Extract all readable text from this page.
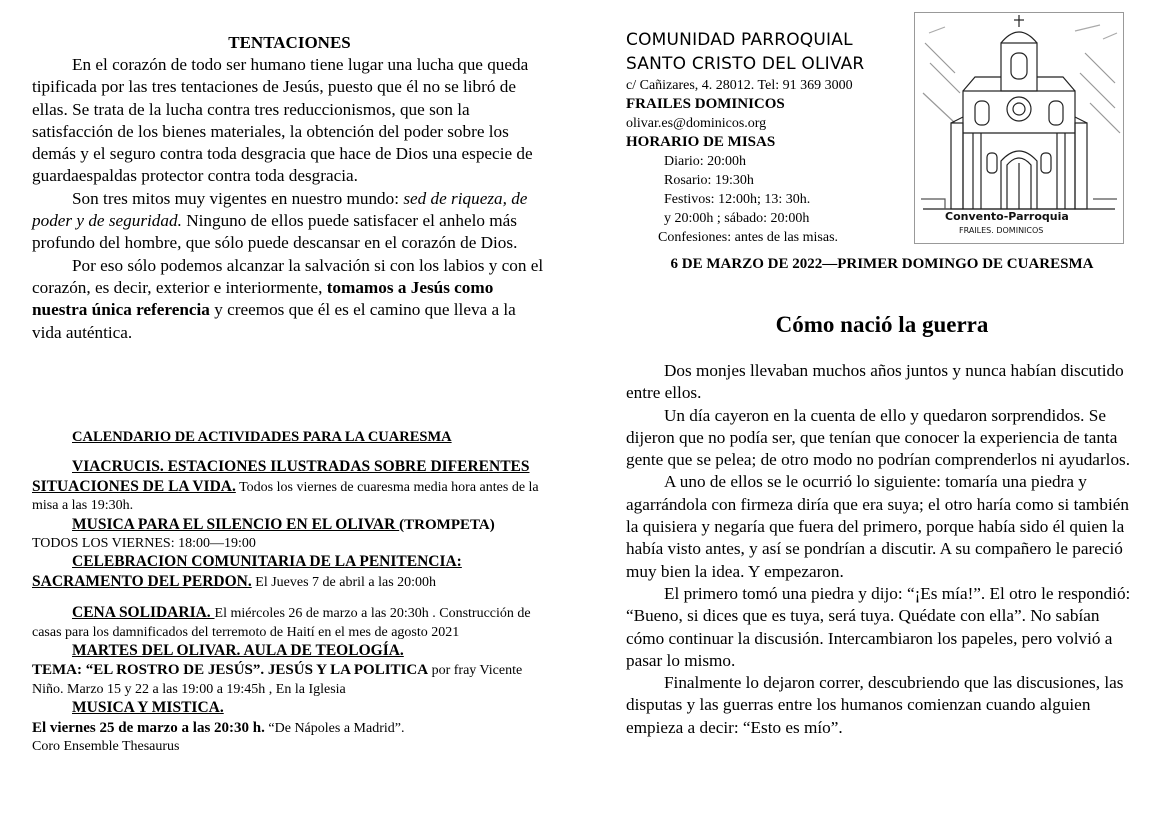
TENTACIONES

En el corazón de todo ser humano tiene lugar una lucha que queda tipificada por las tres tentaciones de Jesús, puesto que él no se libró de ellas. Se trata de la lucha contra tres reduccionismos, que son la satisfacción de los bienes materiales, la obtención del poder sobre los demás y el seguro contra toda desgracia que hace de Dios una especie de guardaespaldas protector contra toda desgracia.

Son tres mitos muy vigentes en nuestro mundo: sed de riqueza, de poder y de seguridad. Ninguno de ellos puede satisfacer el anhelo más profundo del hombre, que sólo puede descansar en el corazón de Dios.

Por eso sólo podemos alcanzar la salvación si con los labios y con el corazón, es decir, exterior e interiormente, tomamos a Jesús como nuestra única referencia y creemos que él es el camino que lleva a la vida auténtica.

CALENDARIO DE ACTIVIDADES PARA LA CUARESMA

VIACRUCIS. ESTACIONES ILUSTRADAS SOBRE DIFERENTES SITUACIONES DE LA VIDA. Todos los viernes de cuaresma media hora antes de la misa a las 19:30h.

MUSICA PARA EL SILENCIO EN EL OLIVAR (TROMPETA)

TODOS LOS VIERNES: 18:00—19:00

CELEBRACION COMUNITARIA DE LA PENITENCIA: SACRAMENTO DEL PERDON. El Jueves 7 de abril a las 20:00h

CENA SOLIDARIA. El miércoles 26 de marzo a las 20:30h . Construcción de casas para los damnificados del terremoto de Haití en el mes de agosto 2021

MARTES DEL OLIVAR. AULA DE TEOLOGÍA.

TEMA: “EL ROSTRO DE JESÚS”. JESÚS Y LA POLITICA por fray Vicente Niño. Marzo 15 y 22 a las 19:00 a 19:45h , En la Iglesia

MUSICA Y MISTICA.

El viernes 25 de marzo a las 20:30 h. “De Nápoles a Madrid”.

Coro Ensemble Thesaurus

COMUNIDAD PARROQUIAL
SANTO CRISTO DEL OLIVAR
c/ Cañizares, 4. 28012. Tel: 91 369 3000
FRAILES DOMINICOS
olivar.es@dominicos.org
HORARIO DE MISAS
Diario: 20:00h
Rosario: 19:30h
Festivos: 12:00h; 13: 30h.
y 20:00h ; sábado: 20:00h
Confesiones: antes de las misas.
Convento-Parroquia
FRAILES. DOMINICOS
6 DE MARZO DE 2022—PRIMER DOMINGO DE CUARESMA
Cómo nació la guerra

Dos monjes llevaban muchos años juntos y nunca habían discutido entre ellos.

Un día cayeron en la cuenta de ello y quedaron sorprendidos. Se dijeron que no podía ser, que tenían que conocer la experiencia de tanta gente que se pelea; de otro modo no podrían comprenderlos ni ayudarlos.

A uno de ellos se le ocurrió lo siguiente: tomaría una piedra y agarrándola con firmeza diría que era suya; el otro haría como si también la quisiera y negaría que fuera del primero, porque había sido él quien la había visto antes, y así se pondrían a discutir. A su compañero le pareció muy bien la idea. Y empezaron.

El primero tomó una piedra y dijo: “¡Es mía!”. El otro le respondió: “Bueno, si dices que es tuya, será tuya. Quédate con ella”. No sabían cómo continuar la discusión. Intercambiaron los papeles, pero volvió a pasar lo mismo.

Finalmente lo dejaron correr, descubriendo que las discusiones, las disputas y las guerras entre los humanos comienzan cuando alguien empieza a decir: “Esto es mío”.
